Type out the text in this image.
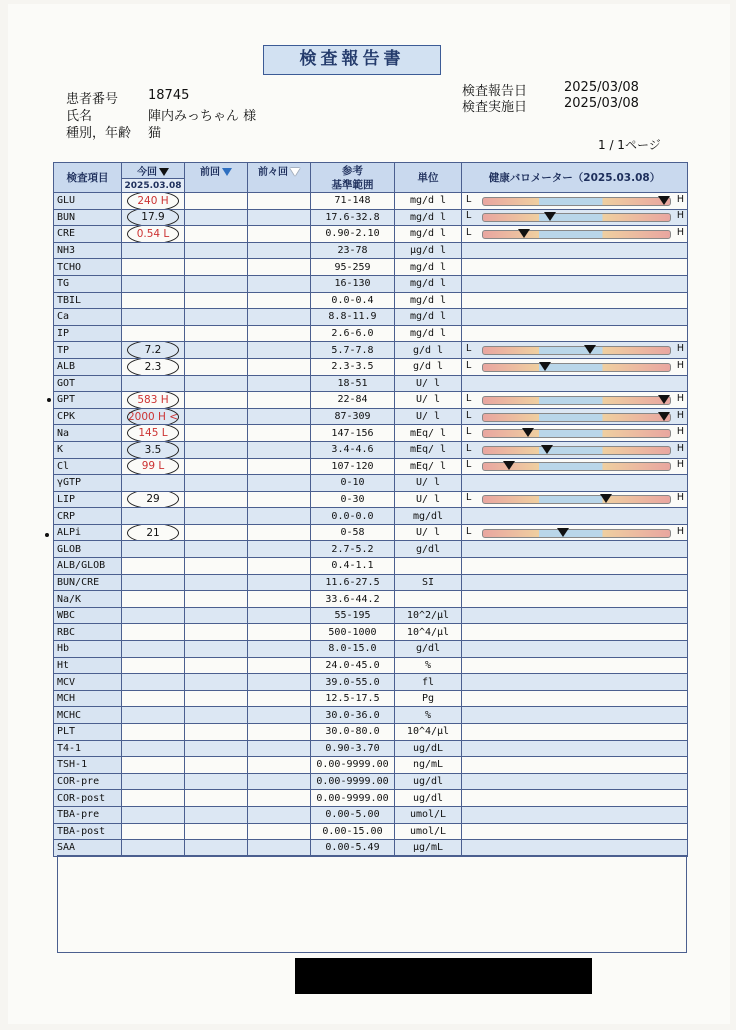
検査報告書
患者番号 18745
氏名	陣内みっちゃん 様
種別，年齢 猫
検査報告日	2025/03/08
検査実施日	2025/03/08
1 / 1ページ
検査項目	今回	前回	前々回	参考
基準範囲	単位	健康バロメーター（2025.03.08）
	2025.03.08					
GLU	240 H			71-148	mg/d l	L H

BUN	17.9			17.6-32.8	mg/d l	L H

CRE	0.54 L			0.90-2.10	mg/d l	L H

NH3				23-78	μg/d l	
TCHO				95-259	mg/d l	
TG				16-130	mg/d l	
TBIL				0.0-0.4	mg/d l	
Ca				8.8-11.9	mg/d l	
IP				2.6-6.0	mg/d l	
TP	7.2			5.7-7.8	g/d l	L H

ALB	2.3			2.3-3.5	g/d l	L H

GOT				18-51	U/ l	
GPT	583 H			22-84	U/ l	L H

CPK	2000 H <			87-309	U/ l	L H

Na	145 L			147-156	mEq/ l	L H

K	3.5			3.4-4.6	mEq/ l	L H

Cl	99 L			107-120	mEq/ l	L H

γGTP				0-10	U/ l	
LIP	29			0-30	U/ l	L H

CRP				0.0-0.0	mg/dl	
ALPi	21			0-58	U/ l	L H

GLOB				2.7-5.2	g/dl	
ALB/GLOB				0.4-1.1		
BUN/CRE				11.6-27.5	SI	
Na/K				33.6-44.2		
WBC				55-195	10^2/μl	
RBC				500-1000	10^4/μl	
Hb				8.0-15.0	g/dl	
Ht				24.0-45.0	%	
MCV				39.0-55.0	fl	
MCH				12.5-17.5	Pg	
MCHC				30.0-36.0	%	
PLT				30.0-80.0	10^4/μl	
T4-1				0.90-3.70	ug/dL	
TSH-1				0.00-9999.00	ng/mL	
COR-pre				0.00-9999.00	ug/dl	
COR-post				0.00-9999.00	ug/dl	
TBA-pre				0.00-5.00	umol/L	
TBA-post				0.00-15.00	umol/L	
SAA				0.00-5.49	μg/mL	
